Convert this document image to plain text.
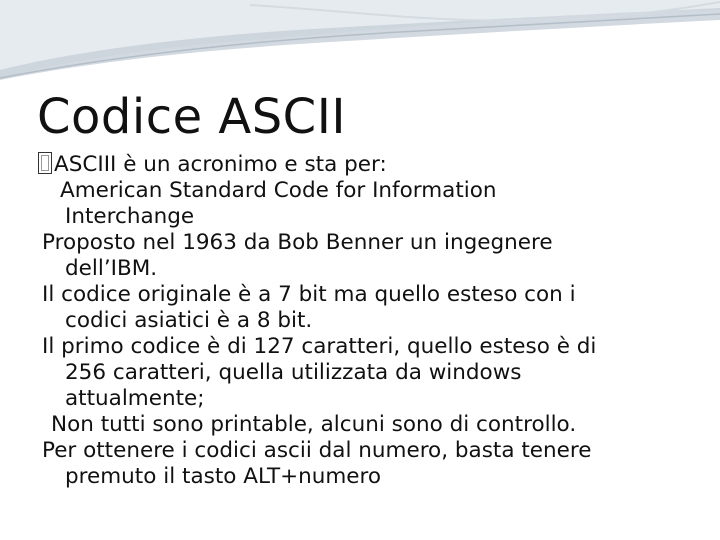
Codice ASCII

ASCIII è un acronimo e sta per:

American Standard Code for Information
Interchange

Proposto nel 1963 da Bob Benner un ingegnere
dell’IBM.

Il codice originale è a 7 bit ma quello esteso con i
codici asiatici è a 8 bit.

Il primo codice è di 127 caratteri, quello esteso è di
256 caratteri, quella utilizzata da windows
attualmente;

Non tutti sono printable, alcuni sono di controllo.

Per ottenere i codici ascii dal numero, basta tenere
premuto il tasto ALT+numero
